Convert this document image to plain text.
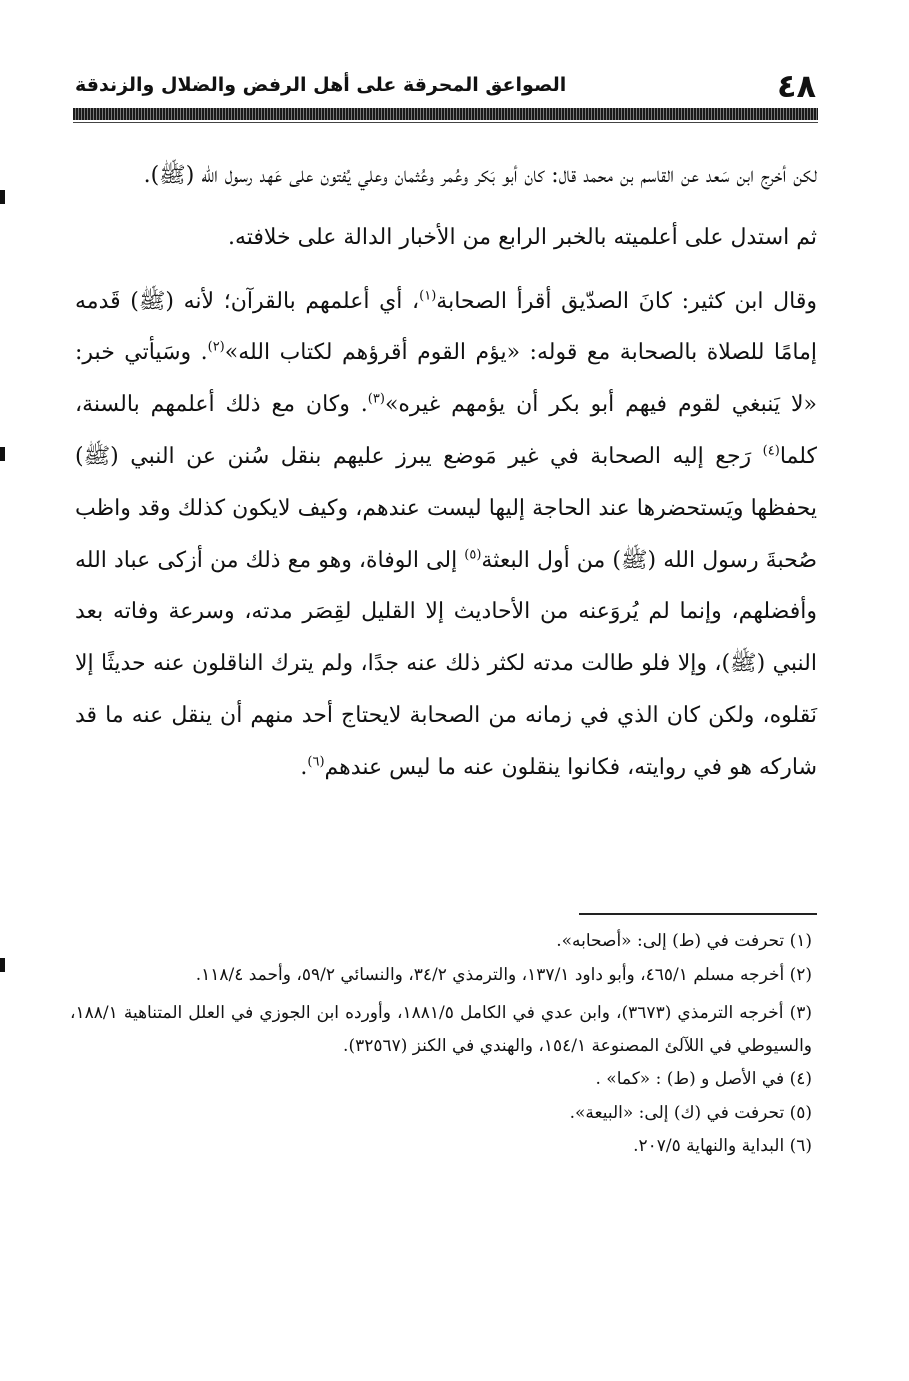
٤٨
الصواعق المحرقة على أهل الرفض والضلال والزندقة

لكن أخرج ابن سَعد عن القاسم بن محمد قال: كان أبو بَكر وعُمر وعُثمان وعلي يُفتون على عَهد رسول الله (ﷺ).

ثم استدل على أعلميته بالخبر الرابع من الأخبار الدالة على خلافته.

وقال ابن كثير: كانَ الصدّيق أقرأ الصحابة$^{(١)}$، أي أعلمهم بالقرآن؛ لأنه (ﷺ) قَدمه إمامًا للصلاة بالصحابة مع قوله: «يؤم القوم أقرؤهم لكتاب الله»$^{(٢)}$. وسَيأتي خبر: «لا يَنبغي لقوم فيهم أبو بكر أن يؤمهم غيره»$^{(٣)}$. وكان مع ذلك أعلمهم بالسنة، كلما$^{(٤)}$ رَجع إليه الصحابة في غير مَوضع يبرز عليهم بنقل سُنن عن النبي (ﷺ) يحفظها ويَستحضرها عند الحاجة إليها ليست عندهم، وكيف لايكون كذلك وقد واظب صُحبةَ رسول الله (ﷺ) من أول البعثة$^{(٥)}$ إلى الوفاة، وهو مع ذلك من أزكى عباد الله وأفضلهم، وإنما لم يُروَعنه من الأحاديث إلا القليل لقِصَر مدته، وسرعة وفاته بعد النبي (ﷺ)، وإلا فلو طالت مدته لكثر ذلك عنه جدًا، ولم يترك الناقلون عنه حديثًا إلا نَقلوه، ولكن كان الذي في زمانه من الصحابة لايحتاج أحد منهم أن ينقل عنه ما قد شاركه هو في روايته، فكانوا ينقلون عنه ما ليس عندهم$^{(٦)}$.

(١) تحرفت في (ط) إلى: «أصحابه».

(٢) أخرجه مسلم ٤٦٥/١، وأبو داود ١٣٧/١، والترمذي ٣٤/٢، والنسائي ٥٩/٢، وأحمد ١١٨/٤.

(٣) أخرجه الترمذي (٣٦٧٣)، وابن عدي في الكامل ١٨٨١/٥، وأورده ابن الجوزي في العلل المتناهية ١٨٨/١، والسيوطي في اللآلئ المصنوعة ١٥٤/١، والهندي في الكنز (٣٢٥٦٧).

(٤) في الأصل و (ط) : «كما» .

(٥) تحرفت في (ك) إلى: «البيعة».

(٦) البداية والنهاية ٢٠٧/٥.
